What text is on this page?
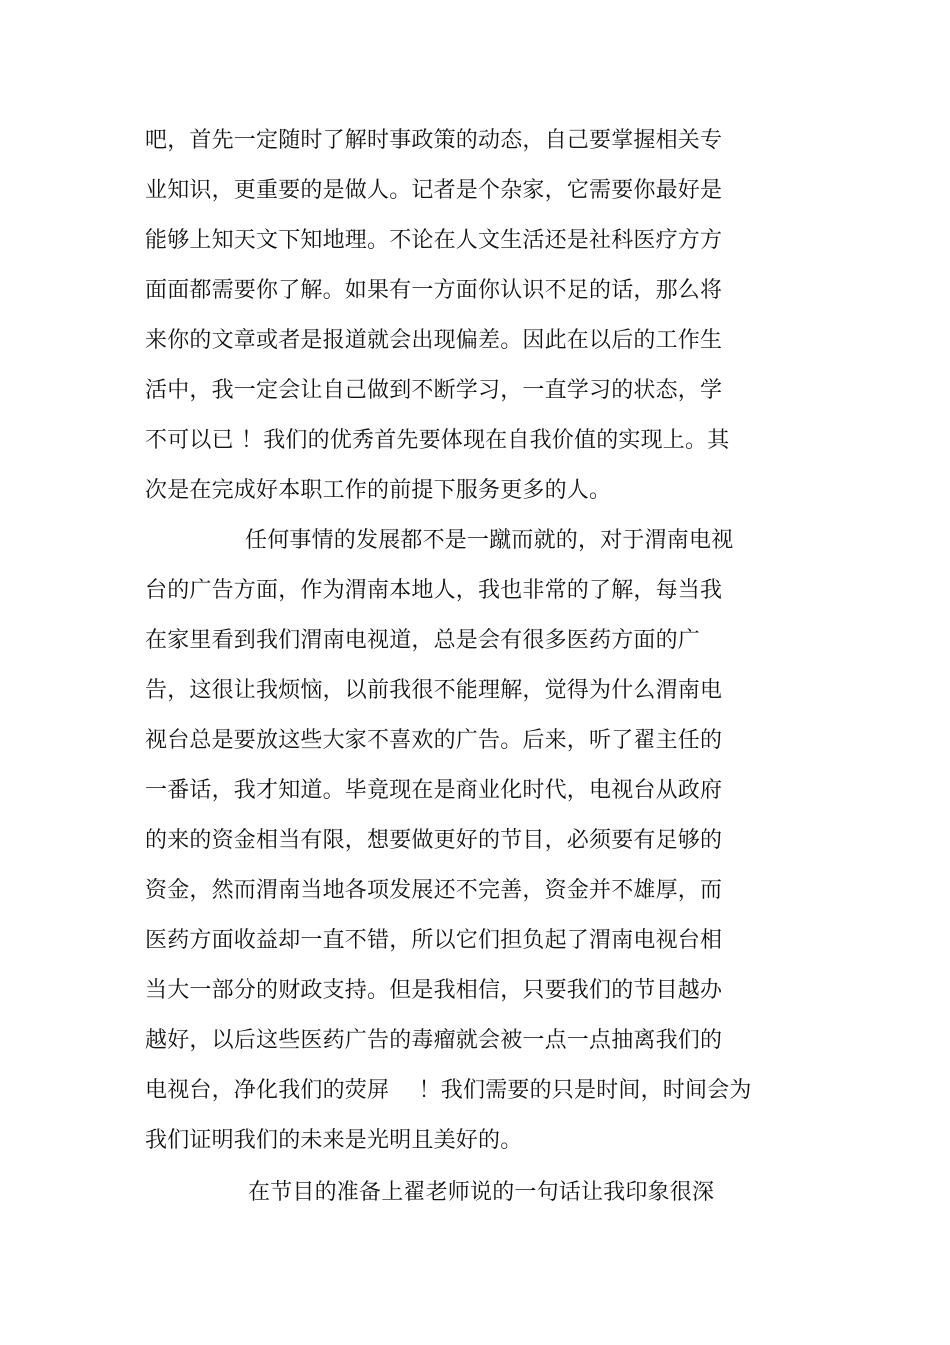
吧，首先一定随时了解时事政策的动态，自己要掌握相关专
业知识，更重要的是做人。记者是个杂家，它需要你最好是
能够上知天文下知地理。不论在人文生活还是社科医疗方方
面面都需要你了解。如果有一方面你认识不足的话，那么将
来你的文章或者是报道就会出现偏差。因此在以后的工作生
活中，我一定会让自己做到不断学习，一直学习的状态，学
不可以已 ！我们的优秀首先要体现在自我价值的实现上。其
次是在完成好本职工作的前提下服务更多的人。
任何事情的发展都不是一蹴而就的，对于渭南电视
台的广告方面，作为渭南本地人，我也非常的了解，每当我
在家里看到我们渭南电视道，总是会有很多医药方面的广
告，这很让我烦恼，以前我很不能理解，觉得为什么渭南电
视台总是要放这些大家不喜欢的广告。后来，听了翟主任的
一番话，我才知道。毕竟现在是商业化时代，电视台从政府
的来的资金相当有限，想要做更好的节目，必须要有足够的
资金，然而渭南当地各项发展还不完善，资金并不雄厚，而
医药方面收益却一直不错，所以它们担负起了渭南电视台相
当大一部分的财政支持。但是我相信，只要我们的节目越办
越好，以后这些医药广告的毒瘤就会被一点一点抽离我们的
电视台，净化我们的荧屏　 ！我们需要的只是时间，时间会为
我们证明我们的未来是光明且美好的。
在节目的准备上翟老师说的一句话让我印象很深
